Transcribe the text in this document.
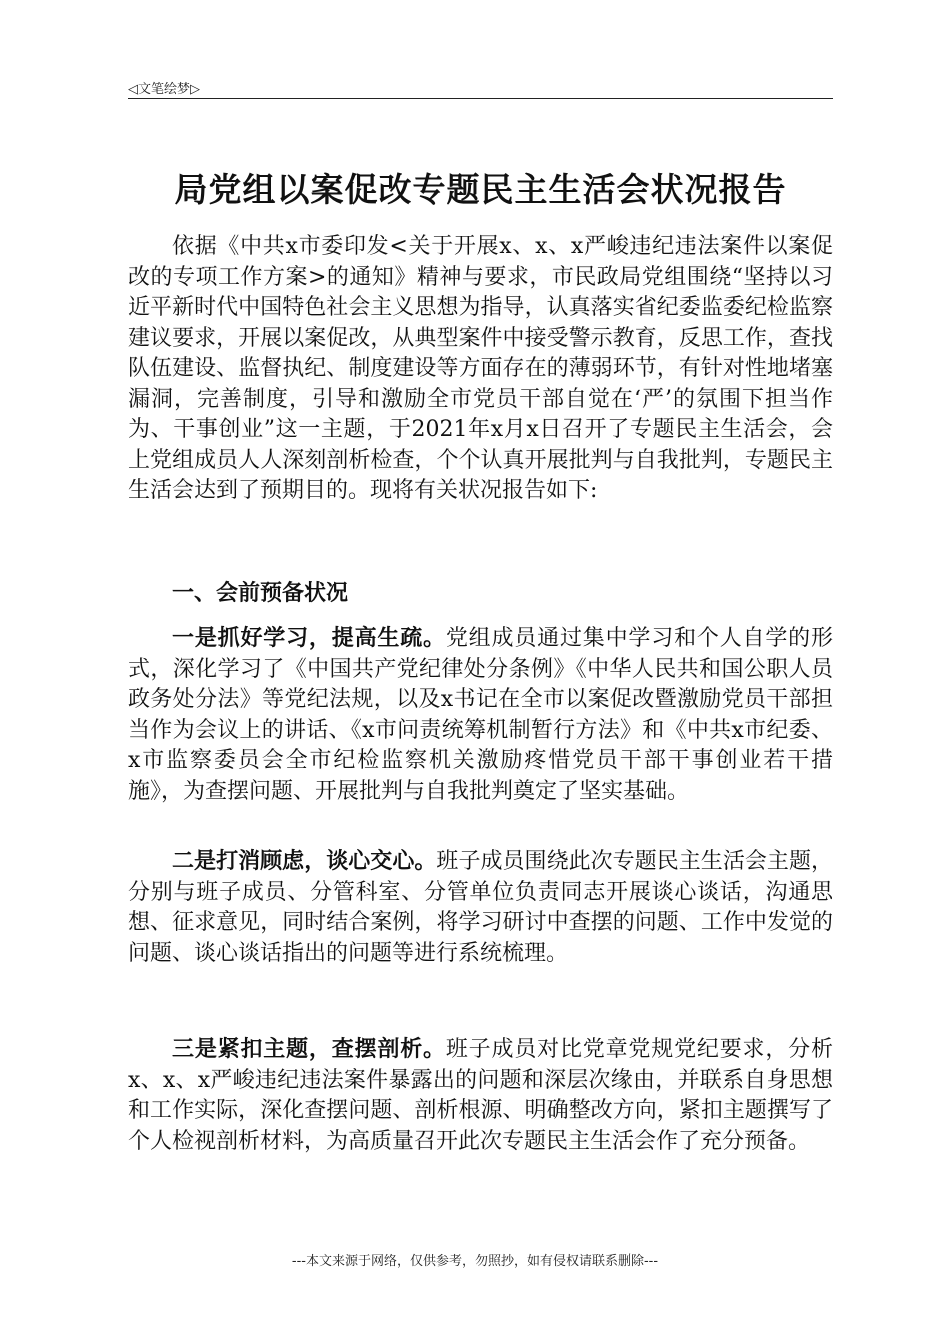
◁文笔绘梦▷
局党组以案促改专题民主生活会状况报告

依据《中共x市委印发<关于开展x、x、x严峻违纪违法案件以案促改的专项工作方案>的通知》精神与要求，市民政局党组围绕“坚持以习近平新时代中国特色社会主义思想为指导，认真落实省纪委监委纪检监察建议要求，开展以案促改，从典型案件中接受警示教育，反思工作，查找队伍建设、监督执纪、制度建设等方面存在的薄弱环节，有针对性地堵塞漏洞，完善制度，引导和激励全市党员干部自觉在‘严’的氛围下担当作为、干事创业”这一主题，于2021年x月x日召开了专题民主生活会，会上党组成员人人深刻剖析检查，个个认真开展批判与自我批判，专题民主生活会达到了预期目的。现将有关状况报告如下:

一、会前预备状况

一是抓好学习，提高生疏。党组成员通过集中学习和个人自学的形式，深化学习了《中国共产党纪律处分条例》《中华人民共和国公职人员政务处分法》等党纪法规，以及x书记在全市以案促改暨激励党员干部担当作为会议上的讲话、《x市问责统筹机制暂行方法》和《中共x市纪委、x市监察委员会全市纪检监察机关激励疼惜党员干部干事创业若干措施》，为查摆问题、开展批判与自我批判奠定了坚实基础。

二是打消顾虑，谈心交心。班子成员围绕此次专题民主生活会主题，分别与班子成员、分管科室、分管单位负责同志开展谈心谈话，沟通思想、征求意见，同时结合案例，将学习研讨中查摆的问题、工作中发觉的问题、谈心谈话指出的问题等进行系统梳理。

三是紧扣主题，查摆剖析。班子成员对比党章党规党纪要求，分析x、x、x严峻违纪违法案件暴露出的问题和深层次缘由，并联系自身思想和工作实际，深化查摆问题、剖析根源、明确整改方向，紧扣主题撰写了个人检视剖析材料，为高质量召开此次专题民主生活会作了充分预备。

---本文来源于网络，仅供参考，勿照抄，如有侵权请联系删除---
